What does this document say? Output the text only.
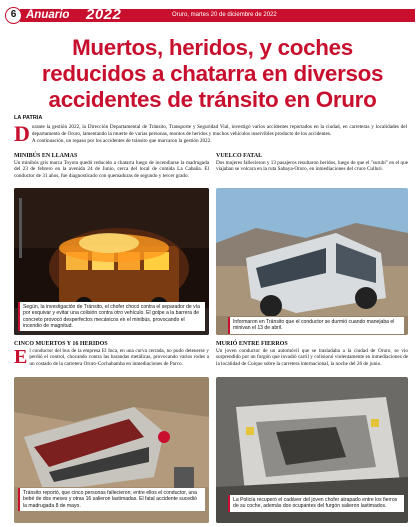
6 Anuario 2022	Oruro, martes 20 de diciembre de 2022
Muertos, heridos, y coches reducidos a chatarra en diversos accidentes de tránsito en Oruro
LA PATRIA
D urante la gestión 2022, la Dirección Departamental de Tránsito, Transporte y Seguridad Vial, investigó varios accidentes reportados en la ciudad, en carreteras y localidades del departamento de Oruro, lamentando la muerte de varias personas, montos de heridos y muchos vehículos inservibles producto de los accidentes.

A continuación, un repaso por los accidentes de tránsito que marcaron la gestión 2022.

MINIBÚS EN LLAMAS
Un minibús gris marca Toyota quedó reducido a chatarra luego de incendiarse la madrugada del 23 de febrero en la avenida 24 de Junio, cerca del local de comida La Cabaña. El conductor de 31 años, fue diagnosticado con quemaduras de segundo y tercer grado.
VUELCO FATAL
Dos mujeres fallecieron y 13 pasajeros resultaron heridos, luego de que el "surubí" en el que viajaban se volcara en la ruta Sabaya-Oruro, en inmediaciones del cruce Culluri.
Según, la investigación de Tránsito, el chofer chocó contra el separador de vía por esquivar y evitar una colisión contra otro vehículo. El golpe a la barrera de concreto provocó desperfectos mecánicos en el minibús, provocando el incendio de magnitud.
Informaron en Tránsito que el conductor se durmió cuando manejaba el minivan el 13 de abril.
CINCO MUERTOS Y 16 HERIDOS
E l conductor del bus de la empresa El Inca, en una curva cerrada, no pudo detenerse y perdió el control, chocando contra las barandas metálicas, provocando varios rodes a un costado de la carretera Oruro-Cochabamba en inmediaciones de Parco.
MURIÓ ENTRE FIERROS
Un joven conductor de un automóvil que se trasladaba a la ciudad de Oruro, se vio sorprendido por un furgón que invadió carril y colisionó violentamente en inmediaciones de la localidad de Coique sobre la carretera internacional, la noche del 26 de junio.
Tránsito reportó, que cinco personas fallecieron; entre ellos el conductor, una bebé de dos meses y otras 16 salieron lastimadas. El fatal accidente sucedió la madrugada 8 de mayo.
La Policía recuperó el cadáver del joven chofer atrapado entre los fierros de su coche, además dos ocupantes del furgón salieron lastimados.
